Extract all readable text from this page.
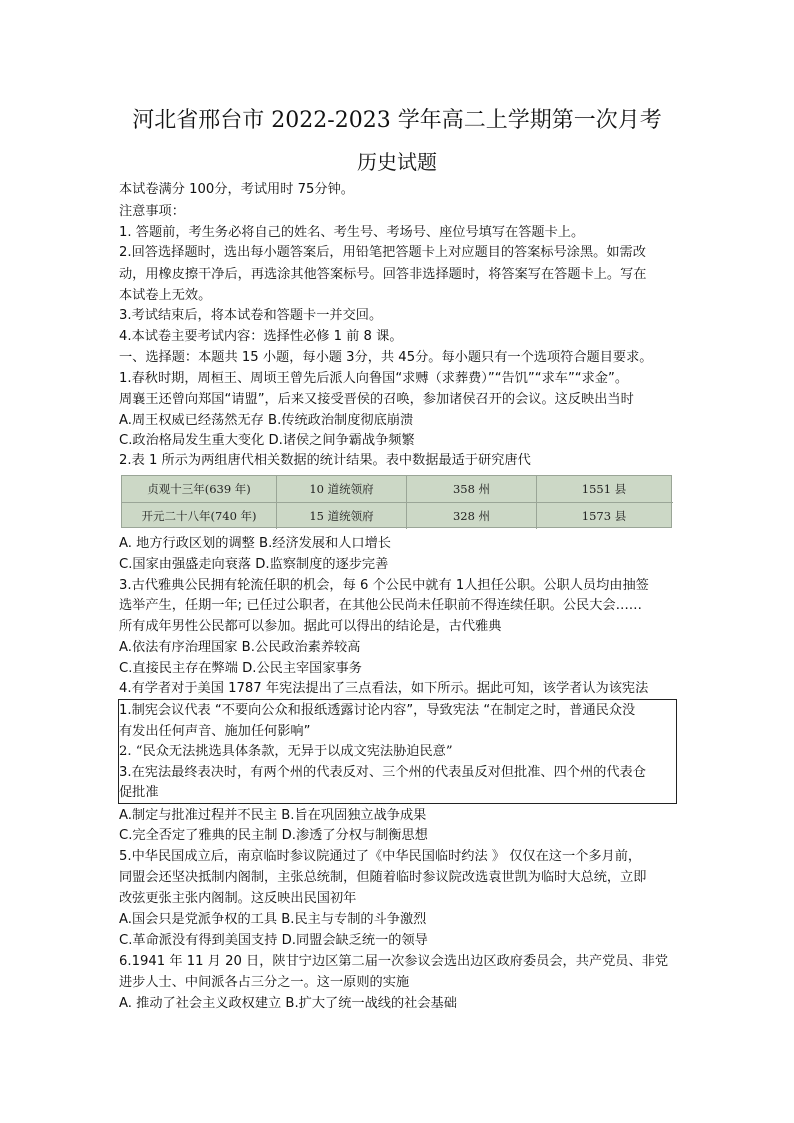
河北省邢台市 2022-2023 学年高二上学期第一次月考
历史试题
本试卷满分 100分，考试用时 75分钟。
注意事项：
1. 答题前，考生务必将自己的姓名、考生号、考场号、座位号填写在答题卡上。
2.回答选择题时，选出每小题答案后，用铅笔把答题卡上对应题目的答案标号涂黑。如需改
动，用橡皮擦干净后，再选涂其他答案标号。回答非选择题时，将答案写在答题卡上。写在
本试卷上无效。
3.考试结束后，将本试卷和答题卡一并交回。
4.本试卷主要考试内容：选择性必修 1 前 8 课。
一、选择题：本题共 15 小题，每小题 3分，共 45分。每小题只有一个选项符合题目要求。
1.春秋时期，周桓王、周顷王曾先后派人向鲁国“求赙（求葬费）”“告饥”“求车”“求金”。
周襄王还曾向郑国“请盟”，后来又接受晋侯的召唤，参加诸侯召开的会议。这反映出当时
A.周王权威已经荡然无存 B.传统政治制度彻底崩溃
C.政治格局发生重大变化 D.诸侯之间争霸战争频繁
2.表 1 所示为两组唐代相关数据的统计结果。表中数据最适于研究唐代
贞观十三年(639 年)	10 道统领府	358 州	1551 县
开元二十八年(740 年)	15 道统领府	328 州	1573 县
A. 地方行政区划的调整 B.经济发展和人口增长
C.国家由强盛走向衰落 D.监察制度的逐步完善
3.古代雅典公民拥有轮流任职的机会，每 6 个公民中就有 1人担任公职。公职人员均由抽签
选举产生，任期一年; 已任过公职者，在其他公民尚未任职前不得连续任职。公民大会……
所有成年男性公民都可以参加。据此可以得出的结论是，古代雅典
A.依法有序治理国家 B.公民政治素养较高
C.直接民主存在弊端 D.公民主宰国家事务
4.有学者对于美国 1787 年宪法提出了三点看法，如下所示。据此可知，该学者认为该宪法
1.制宪会议代表 “不要向公众和报纸透露讨论内容”，导致宪法 “在制定之时，普通民众没
有发出任何声音、施加任何影响”
2. “民众无法挑选具体条款，无异于以成文宪法胁迫民意”
3.在宪法最终表决时，有两个州的代表反对、三个州的代表虽反对但批准、四个州的代表仓
促批准
A.制定与批准过程并不民主 B.旨在巩固独立战争成果
C.完全否定了雅典的民主制 D.渗透了分权与制衡思想
5.中华民国成立后，南京临时参议院通过了《中华民国临时约法 》 仅仅在这一个多月前，
同盟会还坚决抵制内阁制，主张总统制，但随着临时参议院改选袁世凯为临时大总统，立即
改弦更张主张内阁制。这反映出民国初年
A.国会只是党派争权的工具 B.民主与专制的斗争激烈
C.革命派没有得到美国支持 D.同盟会缺乏统一的领导
6.1941 年 11 月 20 日，陕甘宁边区第二届一次参议会选出边区政府委员会，共产党员、非党
进步人士、中间派各占三分之一。这一原则的实施
A. 推动了社会主义政权建立 B.扩大了统一战线的社会基础
